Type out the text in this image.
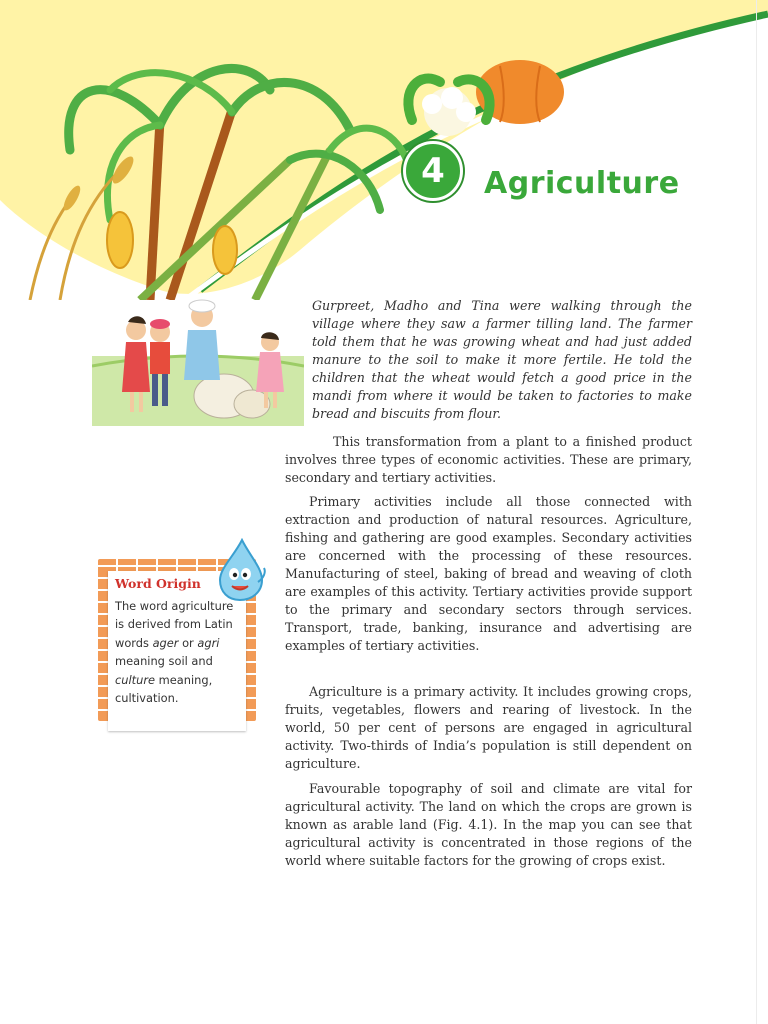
4	Agriculture

Gurpreet, Madho and Tina were walking through the village where they saw a farmer tilling land. The farmer told them that he was growing wheat and had just added manure to the soil to make it more fertile. He told the children that the wheat would fetch a good price in the mandi from where it would be taken to factories to make bread and biscuits from flour.

This transformation from a plant to a finished product involves three types of economic activities. These are primary, secondary and tertiary activities.

Primary activities include all those connected with extraction and production of natural resources. Agriculture, fishing and gathering are good examples. Secondary activities are concerned with the processing of these resources. Manufacturing of steel, baking of bread and weaving of cloth are examples of this activity. Tertiary activities provide support to the primary and secondary sectors through services. Transport, trade, banking, insurance and advertising are examples of tertiary activities.

Agriculture is a primary activity. It includes growing crops, fruits, vegetables, flowers and rearing of livestock. In the world, 50 per cent of persons are engaged in agricultural activity. Two-thirds of India’s population is still dependent on agriculture.

Favourable topography of soil and climate are vital for agricultural activity. The land on which the crops are grown is known as arable land (Fig. 4.1). In the map you can see that agricultural activity is concentrated in those regions of the world where suitable factors for the growing of crops exist.

Word Origin

The word agriculture is derived from Latin words ager or agri meaning soil and culture meaning, cultivation.
